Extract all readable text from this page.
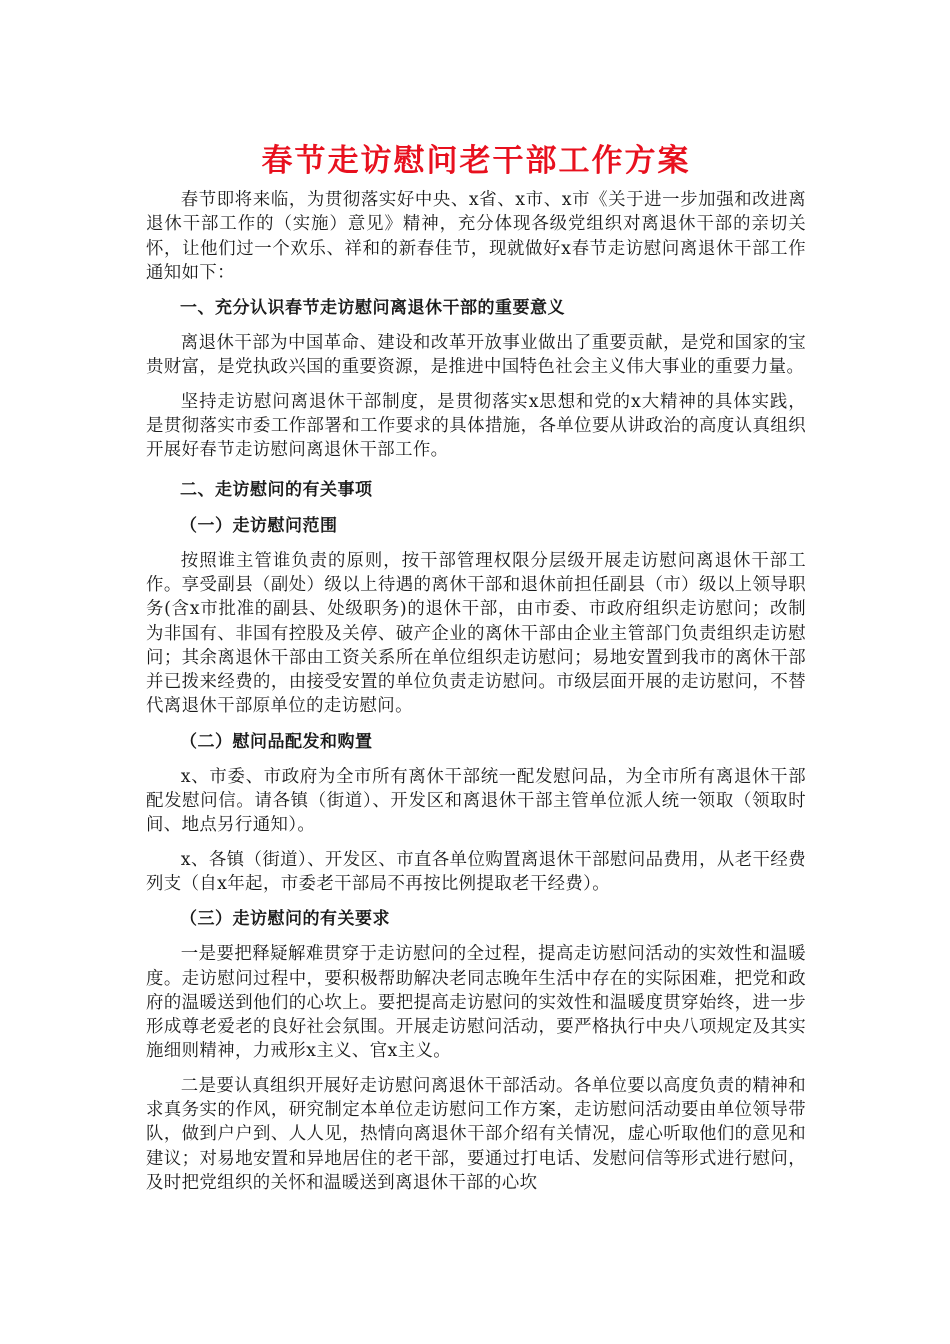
春节走访慰问老干部工作方案

春节即将来临，为贯彻落实好中央、x省、x市、x市《关于进一步加强和改进离退休干部工作的（实施）意见》精神，充分体现各级党组织对离退休干部的亲切关怀，让他们过一个欢乐、祥和的新春佳节，现就做好x春节走访慰问离退休干部工作通知如下：

一、充分认识春节走访慰问离退休干部的重要意义

离退休干部为中国革命、建设和改革开放事业做出了重要贡献，是党和国家的宝贵财富，是党执政兴国的重要资源，是推进中国特色社会主义伟大事业的重要力量。

坚持走访慰问离退休干部制度，是贯彻落实x思想和党的x大精神的具体实践，是贯彻落实市委工作部署和工作要求的具体措施，各单位要从讲政治的高度认真组织开展好春节走访慰问离退休干部工作。

二、走访慰问的有关事项
（一）走访慰问范围

按照谁主管谁负责的原则，按干部管理权限分层级开展走访慰问离退休干部工作。享受副县（副处）级以上待遇的离休干部和退休前担任副县（市）级以上领导职务(含x市批准的副县、处级职务)的退休干部，由市委、市政府组织走访慰问；改制为非国有、非国有控股及关停、破产企业的离休干部由企业主管部门负责组织走访慰问；其余离退休干部由工资关系所在单位组织走访慰问；易地安置到我市的离休干部并已拨来经费的，由接受安置的单位负责走访慰问。市级层面开展的走访慰问，不替代离退休干部原单位的走访慰问。

（二）慰问品配发和购置

x、市委、市政府为全市所有离休干部统一配发慰问品，为全市所有离退休干部配发慰问信。请各镇（街道）、开发区和离退休干部主管单位派人统一领取（领取时间、地点另行通知）。

x、各镇（街道）、开发区、市直各单位购置离退休干部慰问品费用，从老干经费列支（自x年起，市委老干部局不再按比例提取老干经费）。

（三）走访慰问的有关要求

一是要把释疑解难贯穿于走访慰问的全过程，提高走访慰问活动的实效性和温暖度。走访慰问过程中，要积极帮助解决老同志晚年生活中存在的实际困难，把党和政府的温暖送到他们的心坎上。要把提高走访慰问的实效性和温暖度贯穿始终，进一步形成尊老爱老的良好社会氛围。开展走访慰问活动，要严格执行中央八项规定及其实施细则精神，力戒形x主义、官x主义。

二是要认真组织开展好走访慰问离退休干部活动。各单位要以高度负责的精神和求真务实的作风，研究制定本单位走访慰问工作方案，走访慰问活动要由单位领导带队，做到户户到、人人见，热情向离退休干部介绍有关情况，虚心听取他们的意见和建议；对易地安置和异地居住的老干部，要通过打电话、发慰问信等形式进行慰问，及时把党组织的关怀和温暖送到离退休干部的心坎
